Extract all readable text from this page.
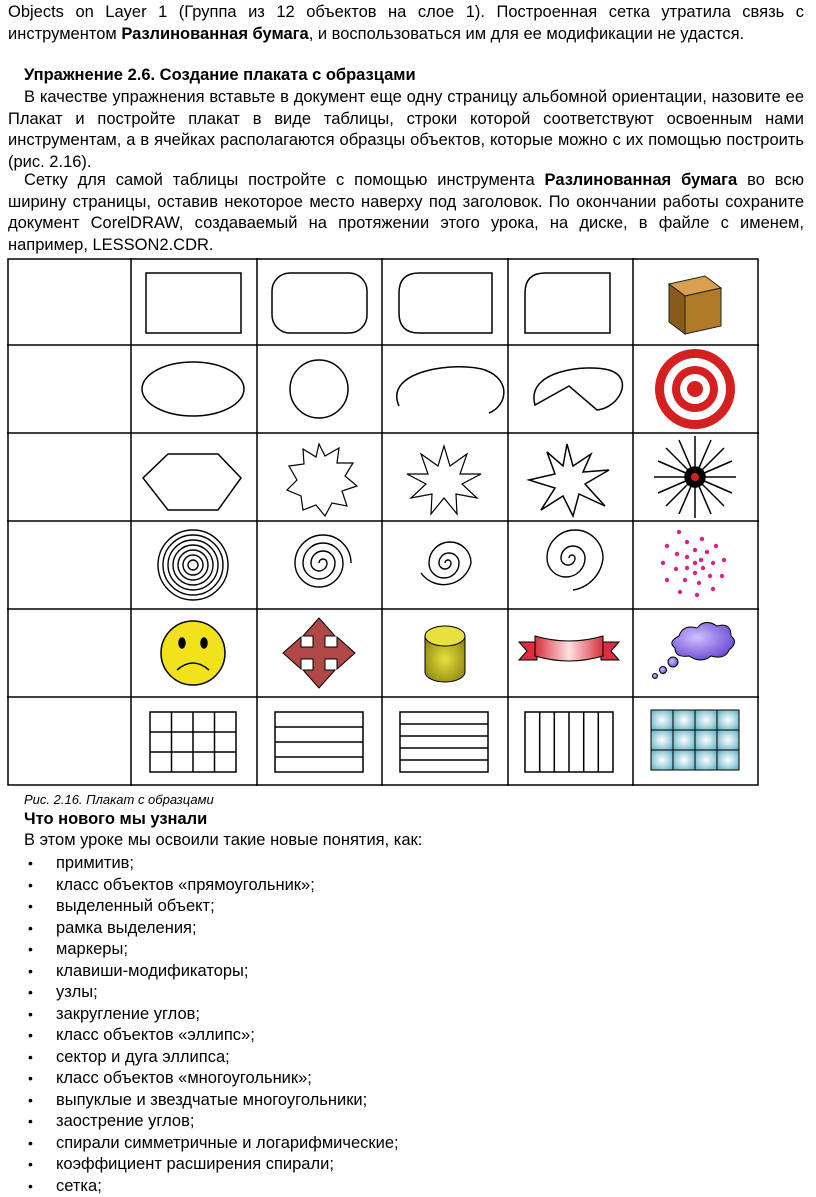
Objects on Layer 1 (Группа из 12 объектов на слое 1). Построенная сетка утратила связь с инструментом Разлинованная бумага, и воспользоваться им для ее модификации не удастся.

Упражнение 2.6. Создание плаката с образцами

В качестве упражнения вставьте в документ еще одну страницу альбомной ориентации, назовите ее Плакат и постройте плакат в виде таблицы, строки которой соответствуют освоенным нами инструментам, а в ячейках располагаются образцы объектов, которые можно с их помощью построить (рис. 2.16).

Сетку для самой таблицы постройте с помощью инструмента Разлинованная бумага во всю ширину страницы, оставив некоторое место наверху под заголовок. По окончании работы сохраните документ CorelDRAW, создаваемый на протяжении этого урока, на диске, в файле с именем, например, LESSON2.CDR.

Рис. 2.16. Плакат с образцами
Что нового мы узнали
В этом уроке мы освоили такие новые понятия, как:
• примитив;
• класс объектов «прямоугольник»;
• выделенный объект;
• рамка выделения;
• маркеры;
• клавиши-модификаторы;
• узлы;
• закругление углов;
• класс объектов «эллипс»;
• сектор и дуга эллипса;
• класс объектов «многоугольник»;
• выпуклые и звездчатые многоугольники;
• заострение углов;
• спирали симметричные и логарифмические;
• коэффициент расширения спирали;
• сетка;
